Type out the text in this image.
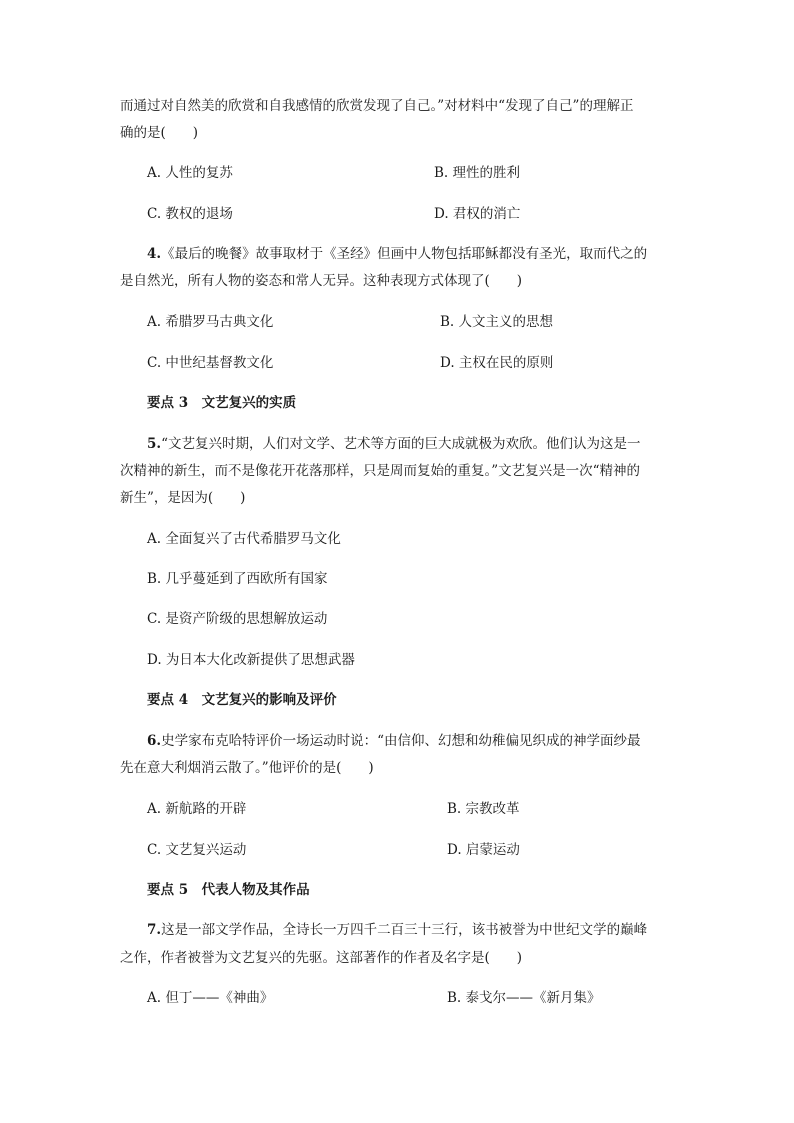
而通过对自然美的欣赏和自我感情的欣赏发现了自己。”对材料中“发现了自己”的理解正
确的是(　　)
A. 人性的复苏	B. 理性的胜利
C. 教权的退场	D. 君权的消亡
4.《最后的晚餐》故事取材于《圣经》但画中人物包括耶稣都没有圣光，取而代之的
是自然光，所有人物的姿态和常人无异。这种表现方式体现了(　　)
A. 希腊罗马古典文化	B. 人文主义的思想
C. 中世纪基督教文化	D. 主权在民的原则
要点 3　文艺复兴的实质
5.“文艺复兴时期，人们对文学、艺术等方面的巨大成就极为欢欣。他们认为这是一
次精神的新生，而不是像花开花落那样，只是周而复始的重复。”文艺复兴是一次“精神的
新生”，是因为(　　)
A. 全面复兴了古代希腊罗马文化
B. 几乎蔓延到了西欧所有国家
C. 是资产阶级的思想解放运动
D. 为日本大化改新提供了思想武器
要点 4　文艺复兴的影响及评价
6.史学家布克哈特评价一场运动时说：“由信仰、幻想和幼稚偏见织成的神学面纱最
先在意大利烟消云散了。”他评价的是(　　)
A. 新航路的开辟	B. 宗教改革
C. 文艺复兴运动	D. 启蒙运动
要点 5　代表人物及其作品
7.这是一部文学作品，全诗长一万四千二百三十三行，该书被誉为中世纪文学的巅峰
之作，作者被誉为文艺复兴的先驱。这部著作的作者及名字是(　　)
A. 但丁——《神曲》	B. 泰戈尔——《新月集》
